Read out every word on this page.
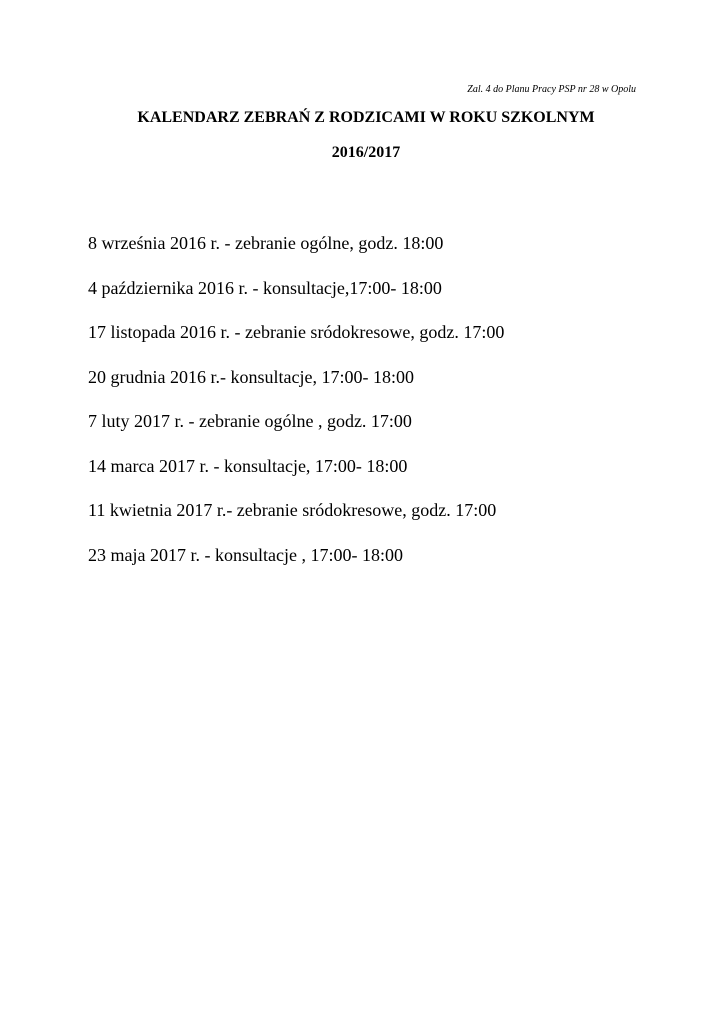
Zal. 4 do Planu Pracy PSP nr 28 w Opolu
KALENDARZ ZEBRAŃ Z RODZICAMI W ROKU SZKOLNYM
2016/2017
8 września 2016 r. - zebranie ogólne, godz. 18:00
4 października 2016 r. - konsultacje,17:00- 18:00
17 listopada 2016 r. - zebranie sródokresowe, godz. 17:00
20 grudnia 2016 r.- konsultacje, 17:00- 18:00
7 luty 2017 r. - zebranie ogólne , godz. 17:00
14 marca 2017 r. - konsultacje, 17:00- 18:00
11 kwietnia 2017 r.- zebranie sródokresowe, godz. 17:00
23 maja 2017 r. - konsultacje , 17:00- 18:00
